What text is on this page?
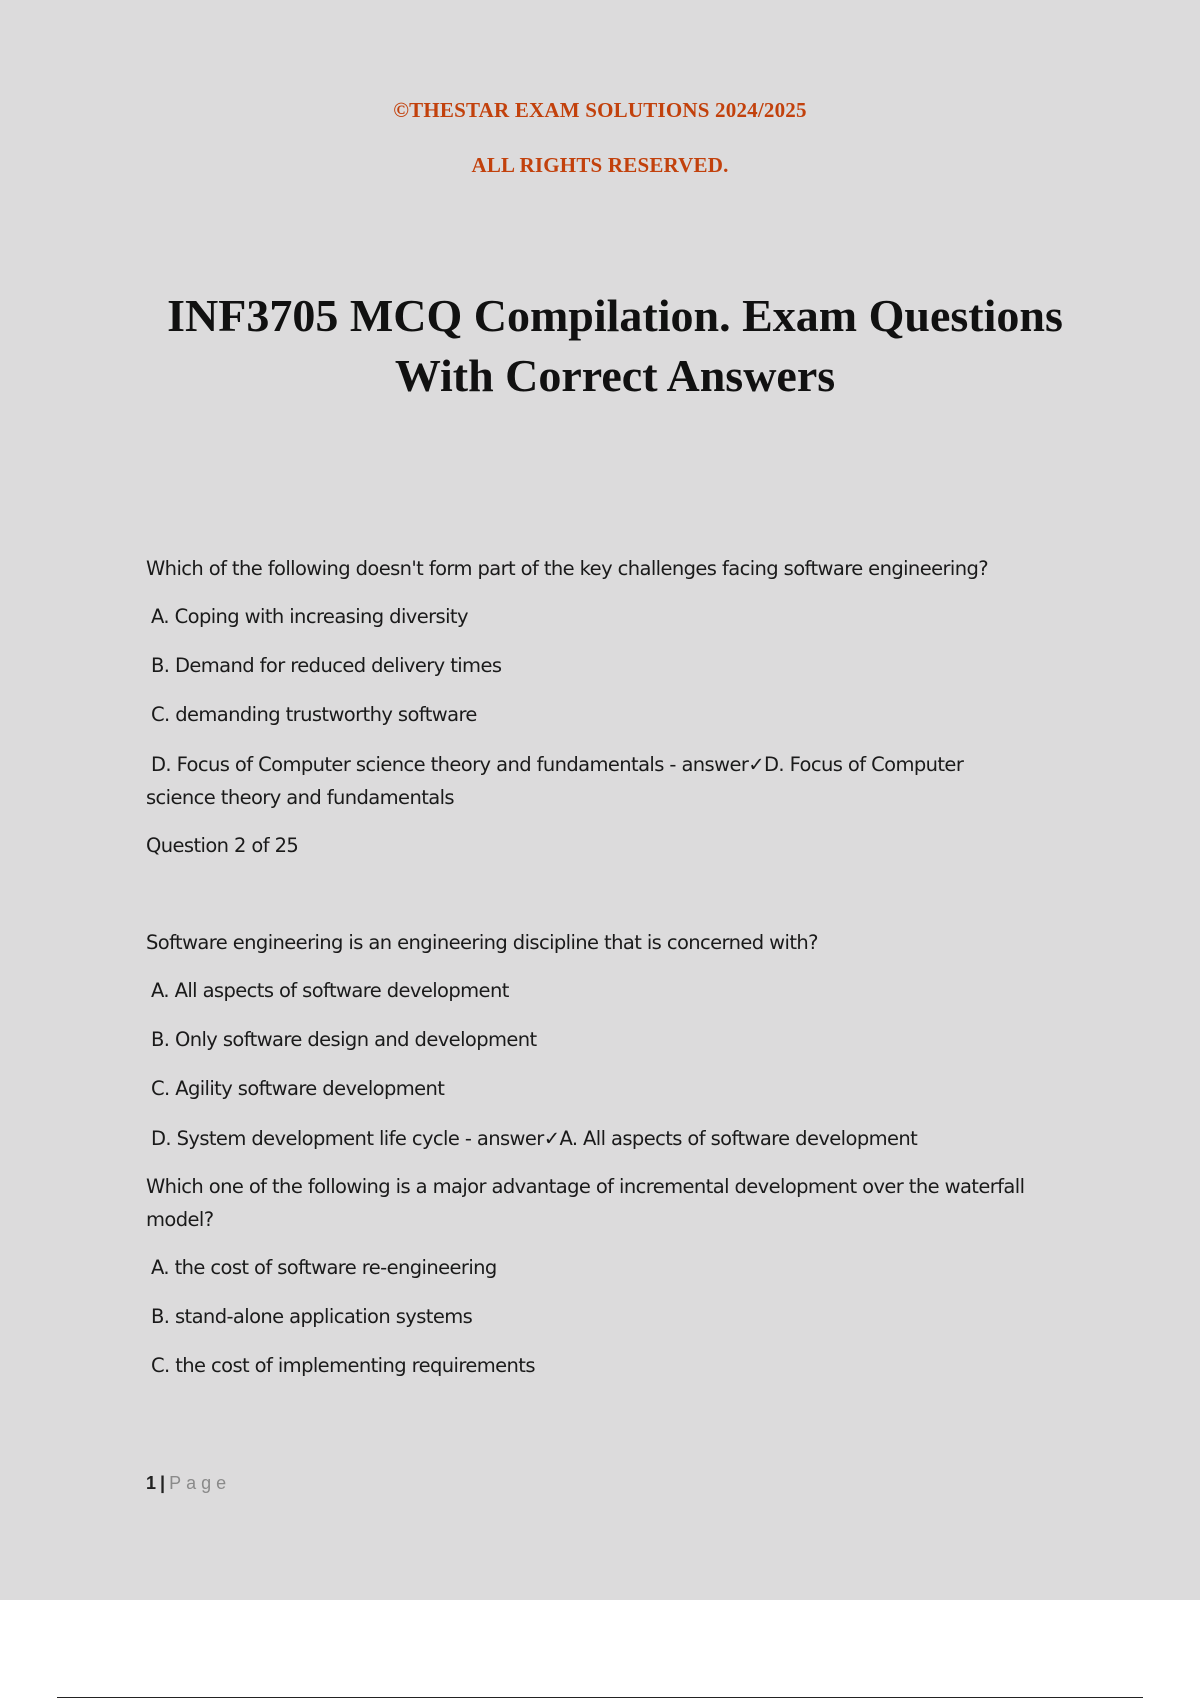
©THESTAR EXAM SOLUTIONS 2024/2025
ALL RIGHTS RESERVED.
INF3705 MCQ Compilation. Exam Questions
With Correct Answers

Which of the following doesn't form part of the key challenges facing software engineering?

A. Coping with increasing diversity

B. Demand for reduced delivery times

C. demanding trustworthy software

D. Focus of Computer science theory and fundamentals - answer✓D. Focus of Computer

science theory and fundamentals

Question 2 of 25

Software engineering is an engineering discipline that is concerned with?

A. All aspects of software development

B. Only software design and development

C. Agility software development

D. System development life cycle - answer✓A. All aspects of software development

Which one of the following is a major advantage of incremental development over the waterfall

model?

A. the cost of software re-engineering

B. stand-alone application systems

C. the cost of implementing requirements

1 | Page
